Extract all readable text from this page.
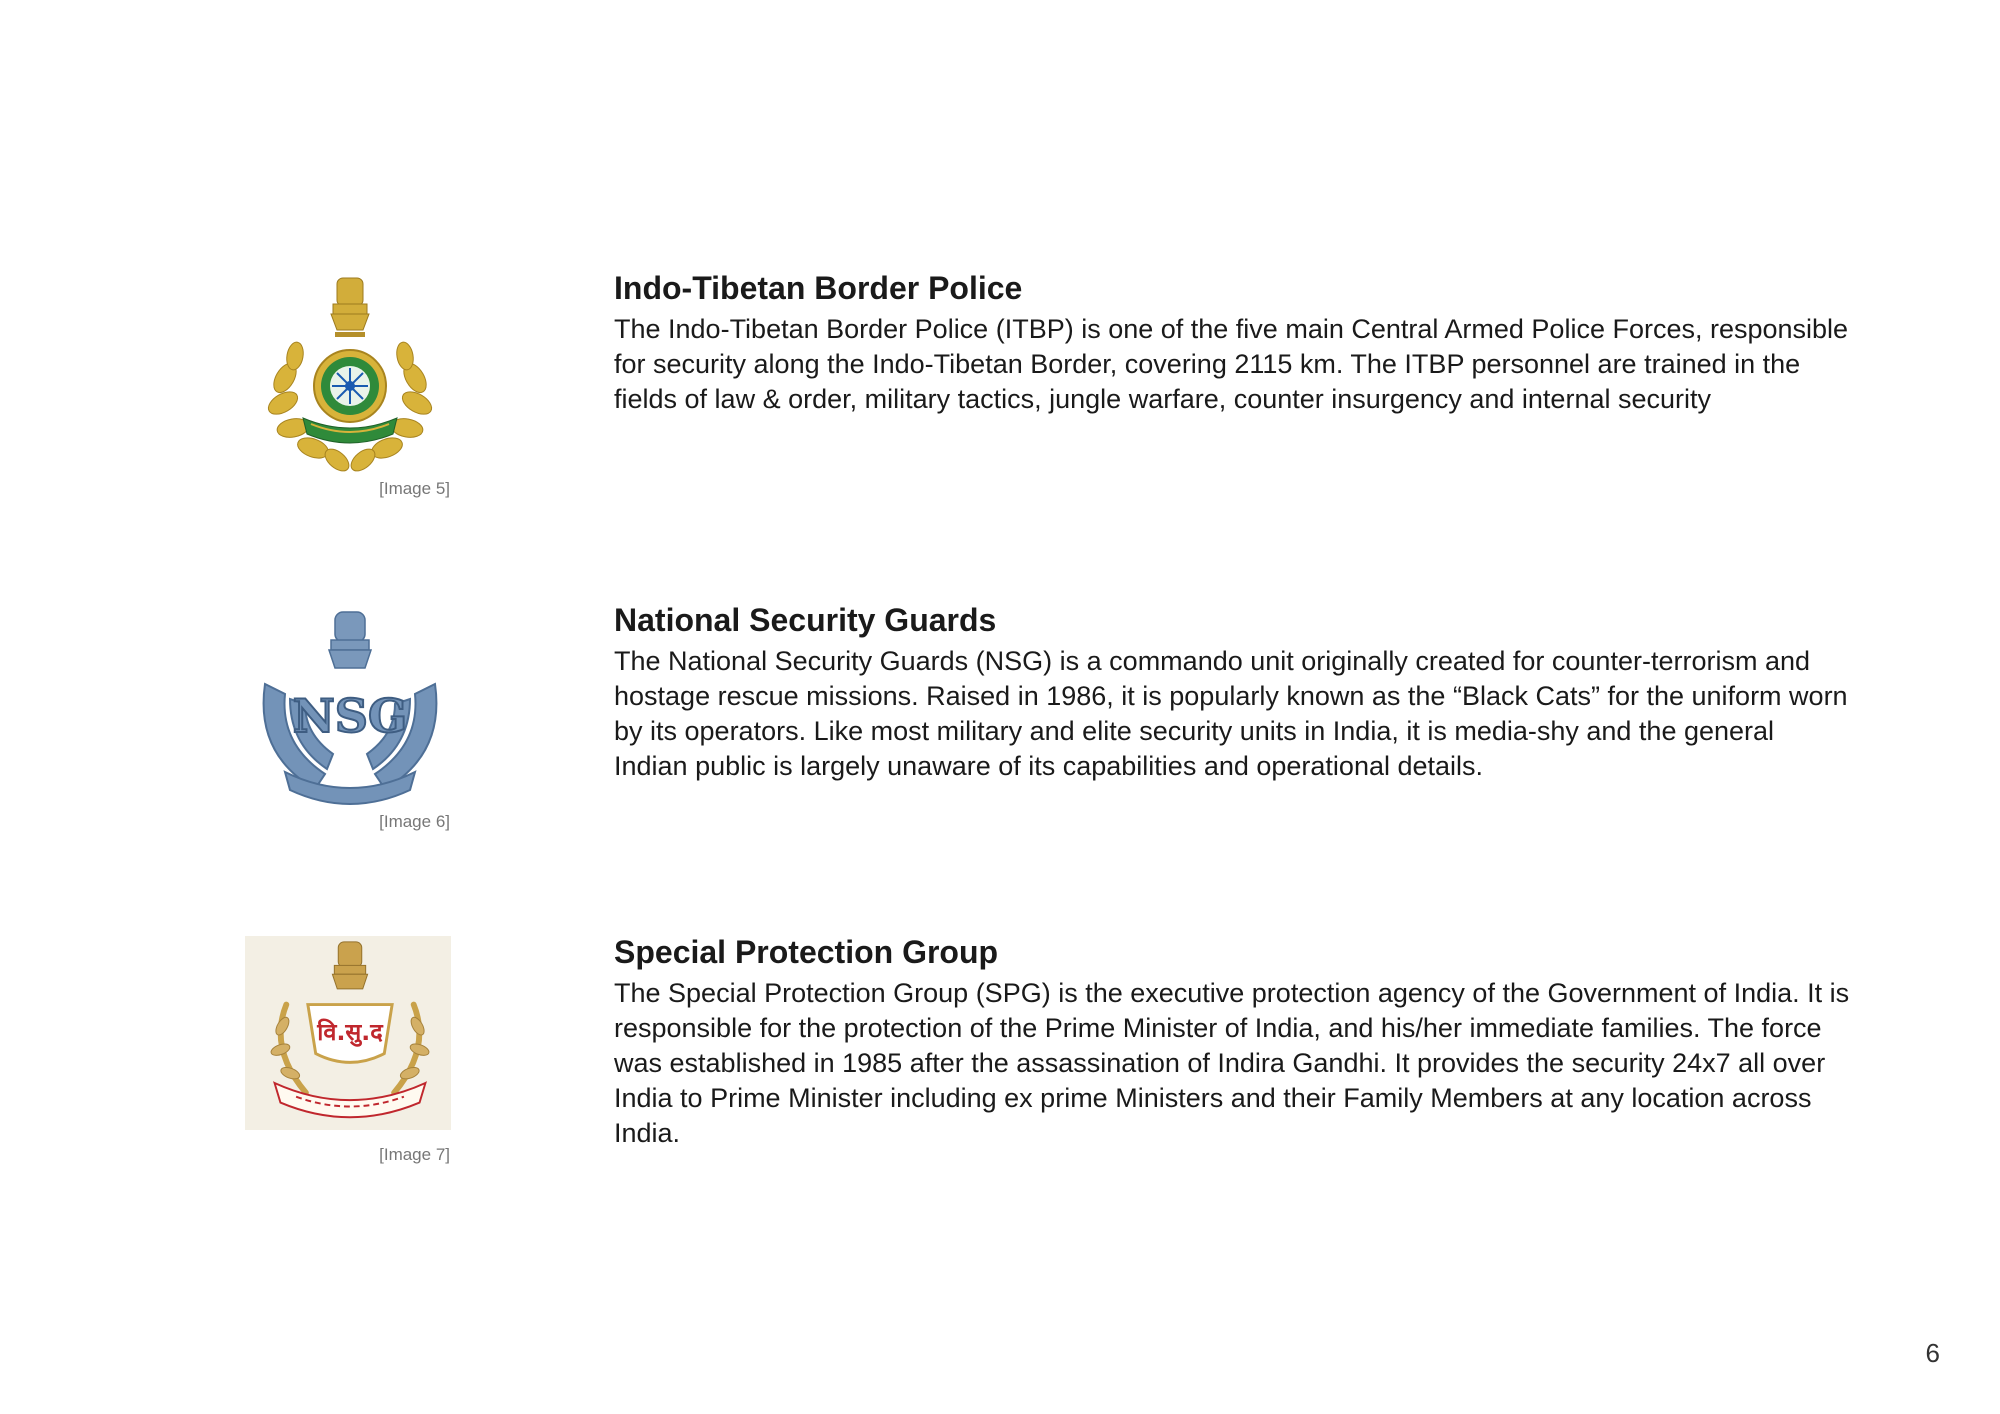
[Image 5]
Indo-Tibetan Border Police

The Indo-Tibetan Border Police (ITBP) is one of the five main Central Armed Police Forces, responsible for security along the Indo-Tibetan Border, covering 2115 km. The ITBP personnel are trained in the fields of law & order, military tactics, jungle warfare, counter insurgency and internal security

NSG
[Image 6]
National Security Guards

The National Security Guards (NSG) is a commando unit originally created for counter-terrorism and hostage rescue missions. Raised in 1986, it is popularly known as the “Black Cats” for the uniform worn by its operators. Like most military and elite security units in India, it is media-shy and the general Indian public is largely unaware of its capabilities and operational details.

वि.सु.द
[Image 7]
Special Protection Group

The Special Protection Group (SPG) is the executive protection agency of the Government of India. It is responsible for the protection of the Prime Minister of India, and his/her immediate families. The force was established in 1985 after the assassination of Indira Gandhi. It provides the security 24x7 all over India to Prime Minister including ex prime Ministers and their Family Members at any location across India.

6
